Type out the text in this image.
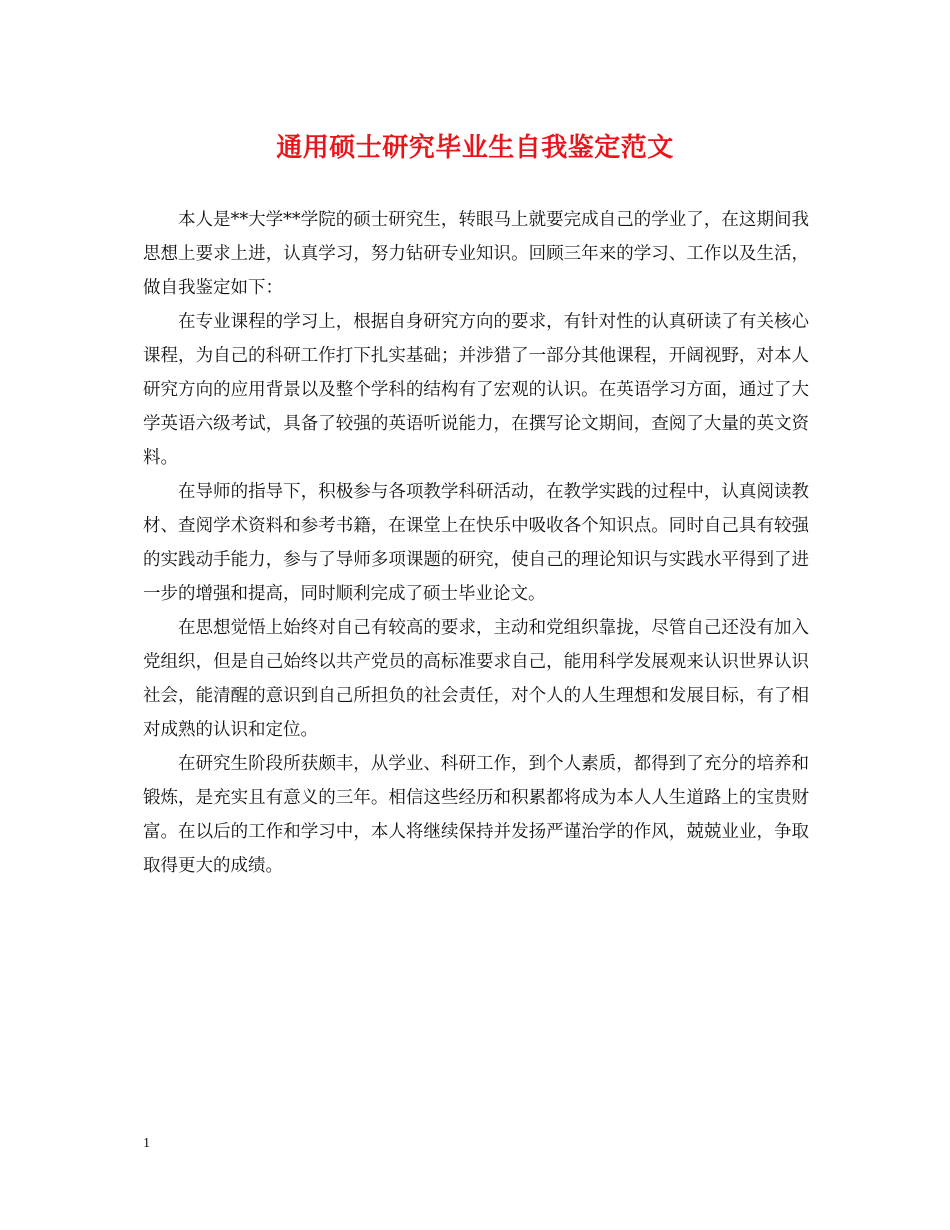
通用硕士研究毕业生自我鉴定范文

本人是**大学**学院的硕士研究生，转眼马上就要完成自己的学业了，在这期间我思想上要求上进，认真学习，努力钻研专业知识。回顾三年来的学习、工作以及生活，做自我鉴定如下：

在专业课程的学习上，根据自身研究方向的要求，有针对性的认真研读了有关核心课程，为自己的科研工作打下扎实基础；并涉猎了一部分其他课程，开阔视野，对本人研究方向的应用背景以及整个学科的结构有了宏观的认识。在英语学习方面，通过了大学英语六级考试，具备了较强的英语听说能力，在撰写论文期间，查阅了大量的英文资料。

在导师的指导下，积极参与各项教学科研活动，在教学实践的过程中，认真阅读教材、查阅学术资料和参考书籍，在课堂上在快乐中吸收各个知识点。同时自己具有较强的实践动手能力，参与了导师多项课题的研究，使自己的理论知识与实践水平得到了进一步的增强和提高，同时顺利完成了硕士毕业论文。

在思想觉悟上始终对自己有较高的要求，主动和党组织靠拢，尽管自己还没有加入党组织，但是自己始终以共产党员的高标准要求自己，能用科学发展观来认识世界认识社会，能清醒的意识到自己所担负的社会责任，对个人的人生理想和发展目标，有了相对成熟的认识和定位。

在研究生阶段所获颇丰，从学业、科研工作，到个人素质，都得到了充分的培养和锻炼，是充实且有意义的三年。相信这些经历和积累都将成为本人人生道路上的宝贵财富。在以后的工作和学习中，本人将继续保持并发扬严谨治学的作风，兢兢业业，争取取得更大的成绩。

1
